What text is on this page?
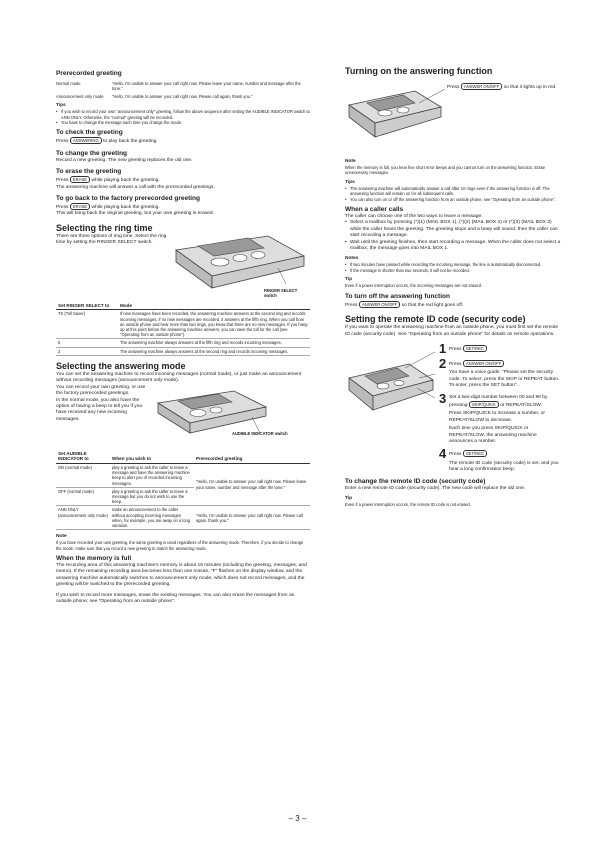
Prerecorded greeting
Normal mode	"Hello, I'm unable to answer your call right now. Please leave your name, number and message after the tone."
Announcement only mode	"Hello, I'm unable to answer your call right now. Please call again, thank you."
Tips
• If you wish to record your own "announcement only" greeting, follow the above sequence after setting the AUDIBLE INDICATOR switch to ANN ONLY. Otherwise, the "normal" greeting will be recorded.
• You have to change the message each time you change the mode.
To check the greeting
Press ANSWERING to play back the greeting.
To change the greeting
Record a new greeting. The new greeting replaces the old one.
To erase the greeting
Press ERASE while playing back the greeting.
The answering machine will answer a call with the prerecorded greetings.
To go back to the factory prerecorded greeting
Press ERASE while playing back the greeting.
This will bring back the original greeting, but your own greeting is erased.
Selecting the ring time
There are three options of ring time. Select the ring time by setting the RINGER SELECT switch.
RINGER SELECT switch
Set RINGER SELECT to	Mode
TS (Toll Saver)	If new messages have been recorded, the answering machine answers at the second ring and records incoming messages; if no new messages are recorded, it answers at the fifth ring. When you call from an outside phone and hear more than two rings, you know that there are no new messages. If you hang up at this point before the answering machine answers, you can save the toll for the call (see "Operating from an outside phone").
5	The answering machine always answers at the fifth ring and records incoming messages.
2	The answering machine always answers at the second ring and records incoming messages.
Selecting the answering mode
You can set the answering machine to record incoming messages (normal mode), or just make an announcement without recording messages (announcement only mode).
You can record your own greeting, or use the factory prerecorded greetings.
In the normal mode, you also have the option of having a beep to tell you if you have received any new incoming messages.
AUDIBLE INDICATOR switch
Set AUDIBLE INDICATOR to	When you wish to	Prerecorded greeting
ON (normal mode)	play a greeting to ask the caller to leave a message and have the answering machine beep to alert you of recorded incoming messages.	"Hello, I'm unable to answer your call right now. Please leave your name, number and message after the tone."
OFF (normal mode)	play a greeting to ask the caller to leave a message but you do not wish to use the beep.	
ANN ONLY (announcement only mode)	make an announcement to the caller without accepting incoming messages when, for example, you are away on a long vacation.	"Hello, I'm unable to answer your call right now. Please call again, thank you."
Note
If you have recorded your own greeting, the same greeting is used regardless of the answering mode. Therefore, if you decide to change the mode, make sure that you record a new greeting to match the answering mode.
When the memory is full
The recording area of this answering machine's memory is about 15 minutes (including the greeting, messages, and memo). If the remaining recording area becomes less than one minute, "F" flashes on the display window, and the answering machine automatically switches to announcement only mode, which does not record messages, and the greeting will be switched to the prerecorded greeting.
If you wish to record more messages, erase the existing messages. You can also erase the messages from an outside phone; see "Operating from an outside phone".
Turning on the answering function
Press ANSWER ON/OFF so that it lights up in red.
Note
When the memory is full, you hear five short error beeps and you cannot turn on the answering function. Erase unnecessary messages.
Tips
• The answering machine will automatically answer a call after 10 rings even if the answering function is off. The answering function will remain on for all subsequent calls.
• You can also turn on or off the answering function from an outside phone, see "Operating from an outside phone".
When a caller calls
The caller can choose one of the two ways to leave a message:
• Select a mailbox by pressing (*)(1) (MAIL BOX 1), (*)(2) (MAIL BOX 2) or (*)(3) (MAIL BOX 3) while the caller hears the greeting. The greeting stops and a beep will sound, then the caller can start recording a message.
• Wait until the greeting finishes, then start recording a message. When the caller does not select a mailbox, the message goes into MAIL BOX 1.
Notes
• If two minutes have passed while recording the incoming message, the line is automatically disconnected.
• If the message is shorter than two seconds, it will not be recorded.
Tip
Even if a power interruption occurs, the incoming messages are not erased.
To turn off the answering function
Press ANSWER ON/OFF so that the red light goes off.
Setting the remote ID code (security code)
If you want to operate the answering machine from an outside phone, you must first set the remote ID code (security code). See "Operating from an outside phone" for details on remote operations.
1 Press SET/REC
2 Press ANSWER ON/OFF
You have a voice guide: "Please set the security code. To select, press the SKIP or REPEAT button. To enter, press the SET button".
3 Set a two-digit number between 00 and 99 by pressing SKIP/QUICK or REPEAT/SLOW.
Press SKIP/QUICK to increase a number, or REPEAT/SLOW to decrease.
Each time you press SKIP/QUICK or REPEAT/SLOW, the answering machine announces a number.
4 Press SET/REC
The remote ID code (security code) is set, and you hear a long confirmation beep.
To change the remote ID code (security code)
Enter a new remote ID code (security code). The new code will replace the old one.
Tip
Even if a power interruption occurs, the remote ID code is not erased.
– 3 –
